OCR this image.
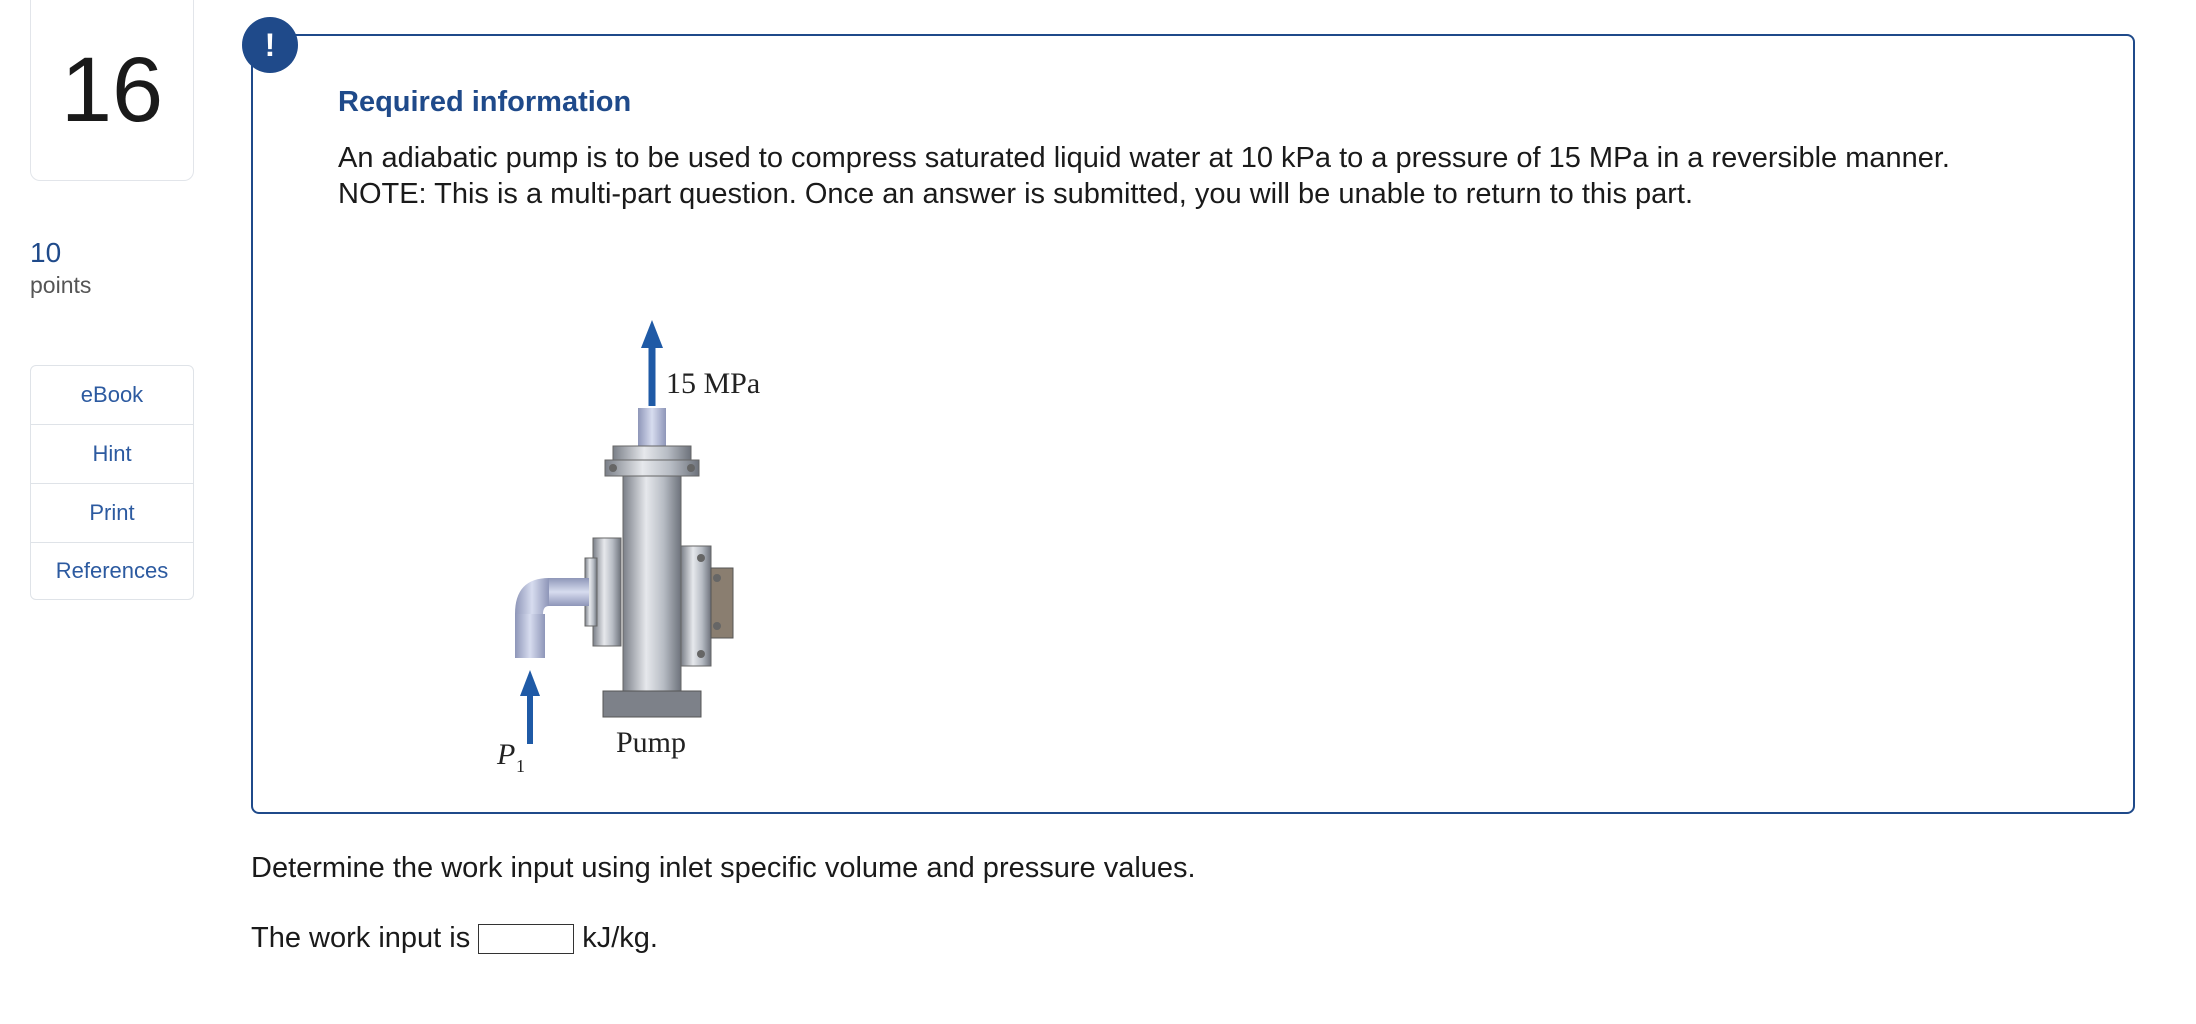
16
10
points
eBook
Hint
Print
References
!
Required information
An adiabatic pump is to be used to compress saturated liquid water at 10 kPa to a pressure of 15 MPa in a reversible manner.
NOTE: This is a multi-part question. Once an answer is submitted, you will be unable to return to this part.
15 MPa
P 1
Pump
Determine the work input using inlet specific volume and pressure values.
The work input is	kJ/kg.
